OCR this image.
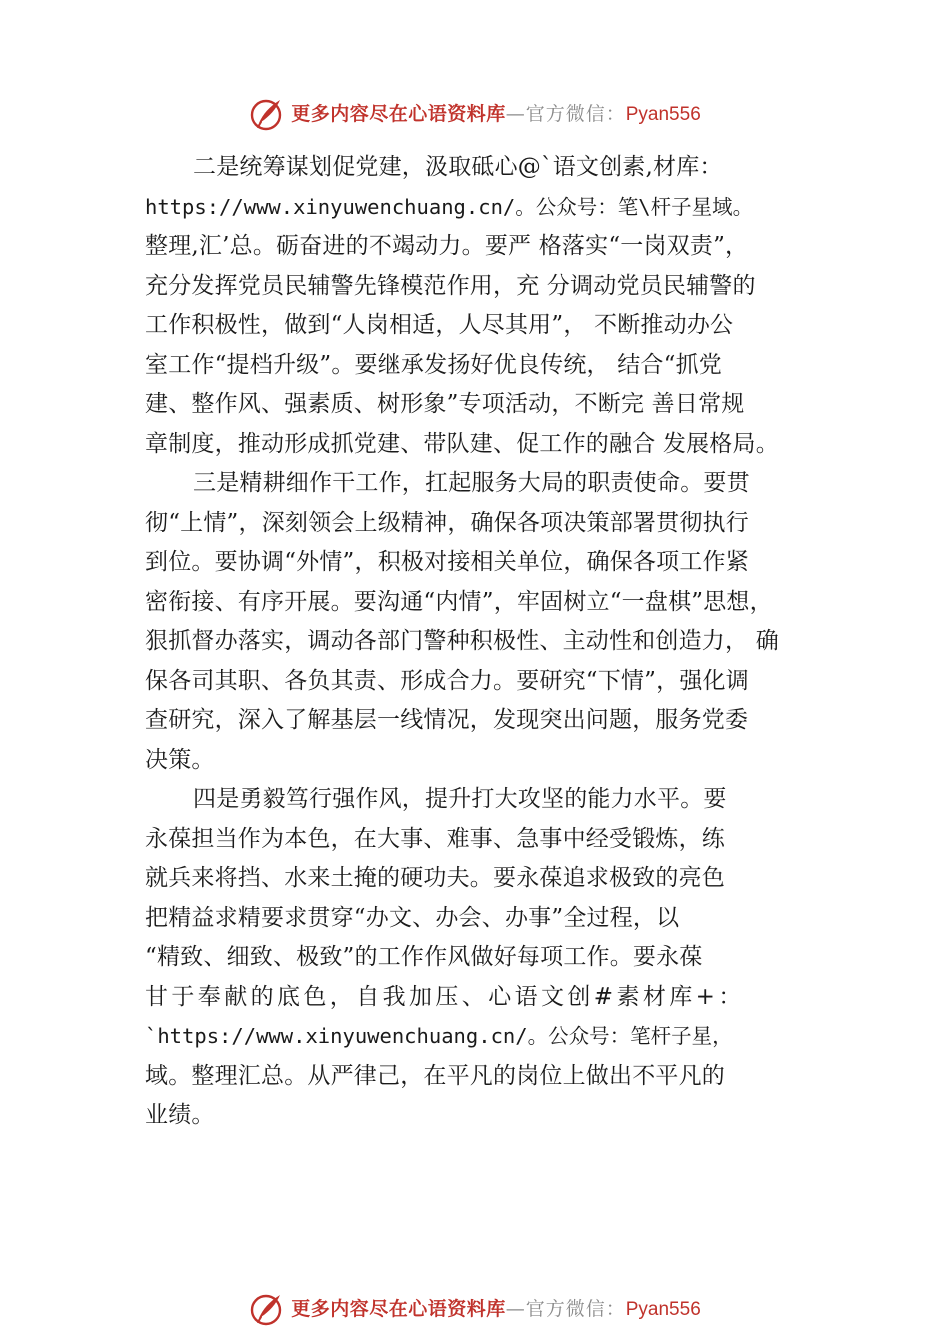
更多内容尽在心语资料库—官方微信：Pyan556
二是统筹谋划促党建，汲取砥心@`语文创素,材库：
https://www.xinyuwenchuang.cn/。公众号：笔\杆子星域。
整理,汇’总。砺奋进的不竭动力。要严 格落实“一岗双责”，
充分发挥党员民辅警先锋模范作用，充 分调动党员民辅警的
工作积极性，做到“人岗相适，人尽其用”， 不断推动办公
室工作“提档升级”。要继承发扬好优良传统， 结合“抓党
建、整作风、强素质、树形象”专项活动，不断完 善日常规
章制度，推动形成抓党建、带队建、促工作的融合 发展格局。
三是精耕细作干工作，扛起服务大局的职责使命。要贯
彻“上情”，深刻领会上级精神，确保各项决策部署贯彻执行
到位。要协调“外情”，积极对接相关单位，确保各项工作紧
密衔接、有序开展。要沟通“内情”，牢固树立“一盘棋”思想，
狠抓督办落实，调动各部门警种积极性、主动性和创造力， 确
保各司其职、各负其责、形成合力。要研究“下情”，强化调
查研究，深入了解基层一线情况，发现突出问题，服务党委
决策。
四是勇毅笃行强作风，提升打大攻坚的能力水平。要
永葆担当作为本色，在大事、难事、急事中经受锻炼，练
就兵来将挡、水来土掩的硬功夫。要永葆追求极致的亮色
把精益求精要求贯穿“办文、办会、办事”全过程，以
“精致、细致、极致”的工作作风做好每项工作。要永葆
甘于奉献的底色，自我加压、心语文创#素材库+：
`https://www.xinyuwenchuang.cn/。公众号：笔杆子星，
域。整理汇总。从严律己，在平凡的岗位上做出不平凡的
业绩。
更多内容尽在心语资料库—官方微信：Pyan556
